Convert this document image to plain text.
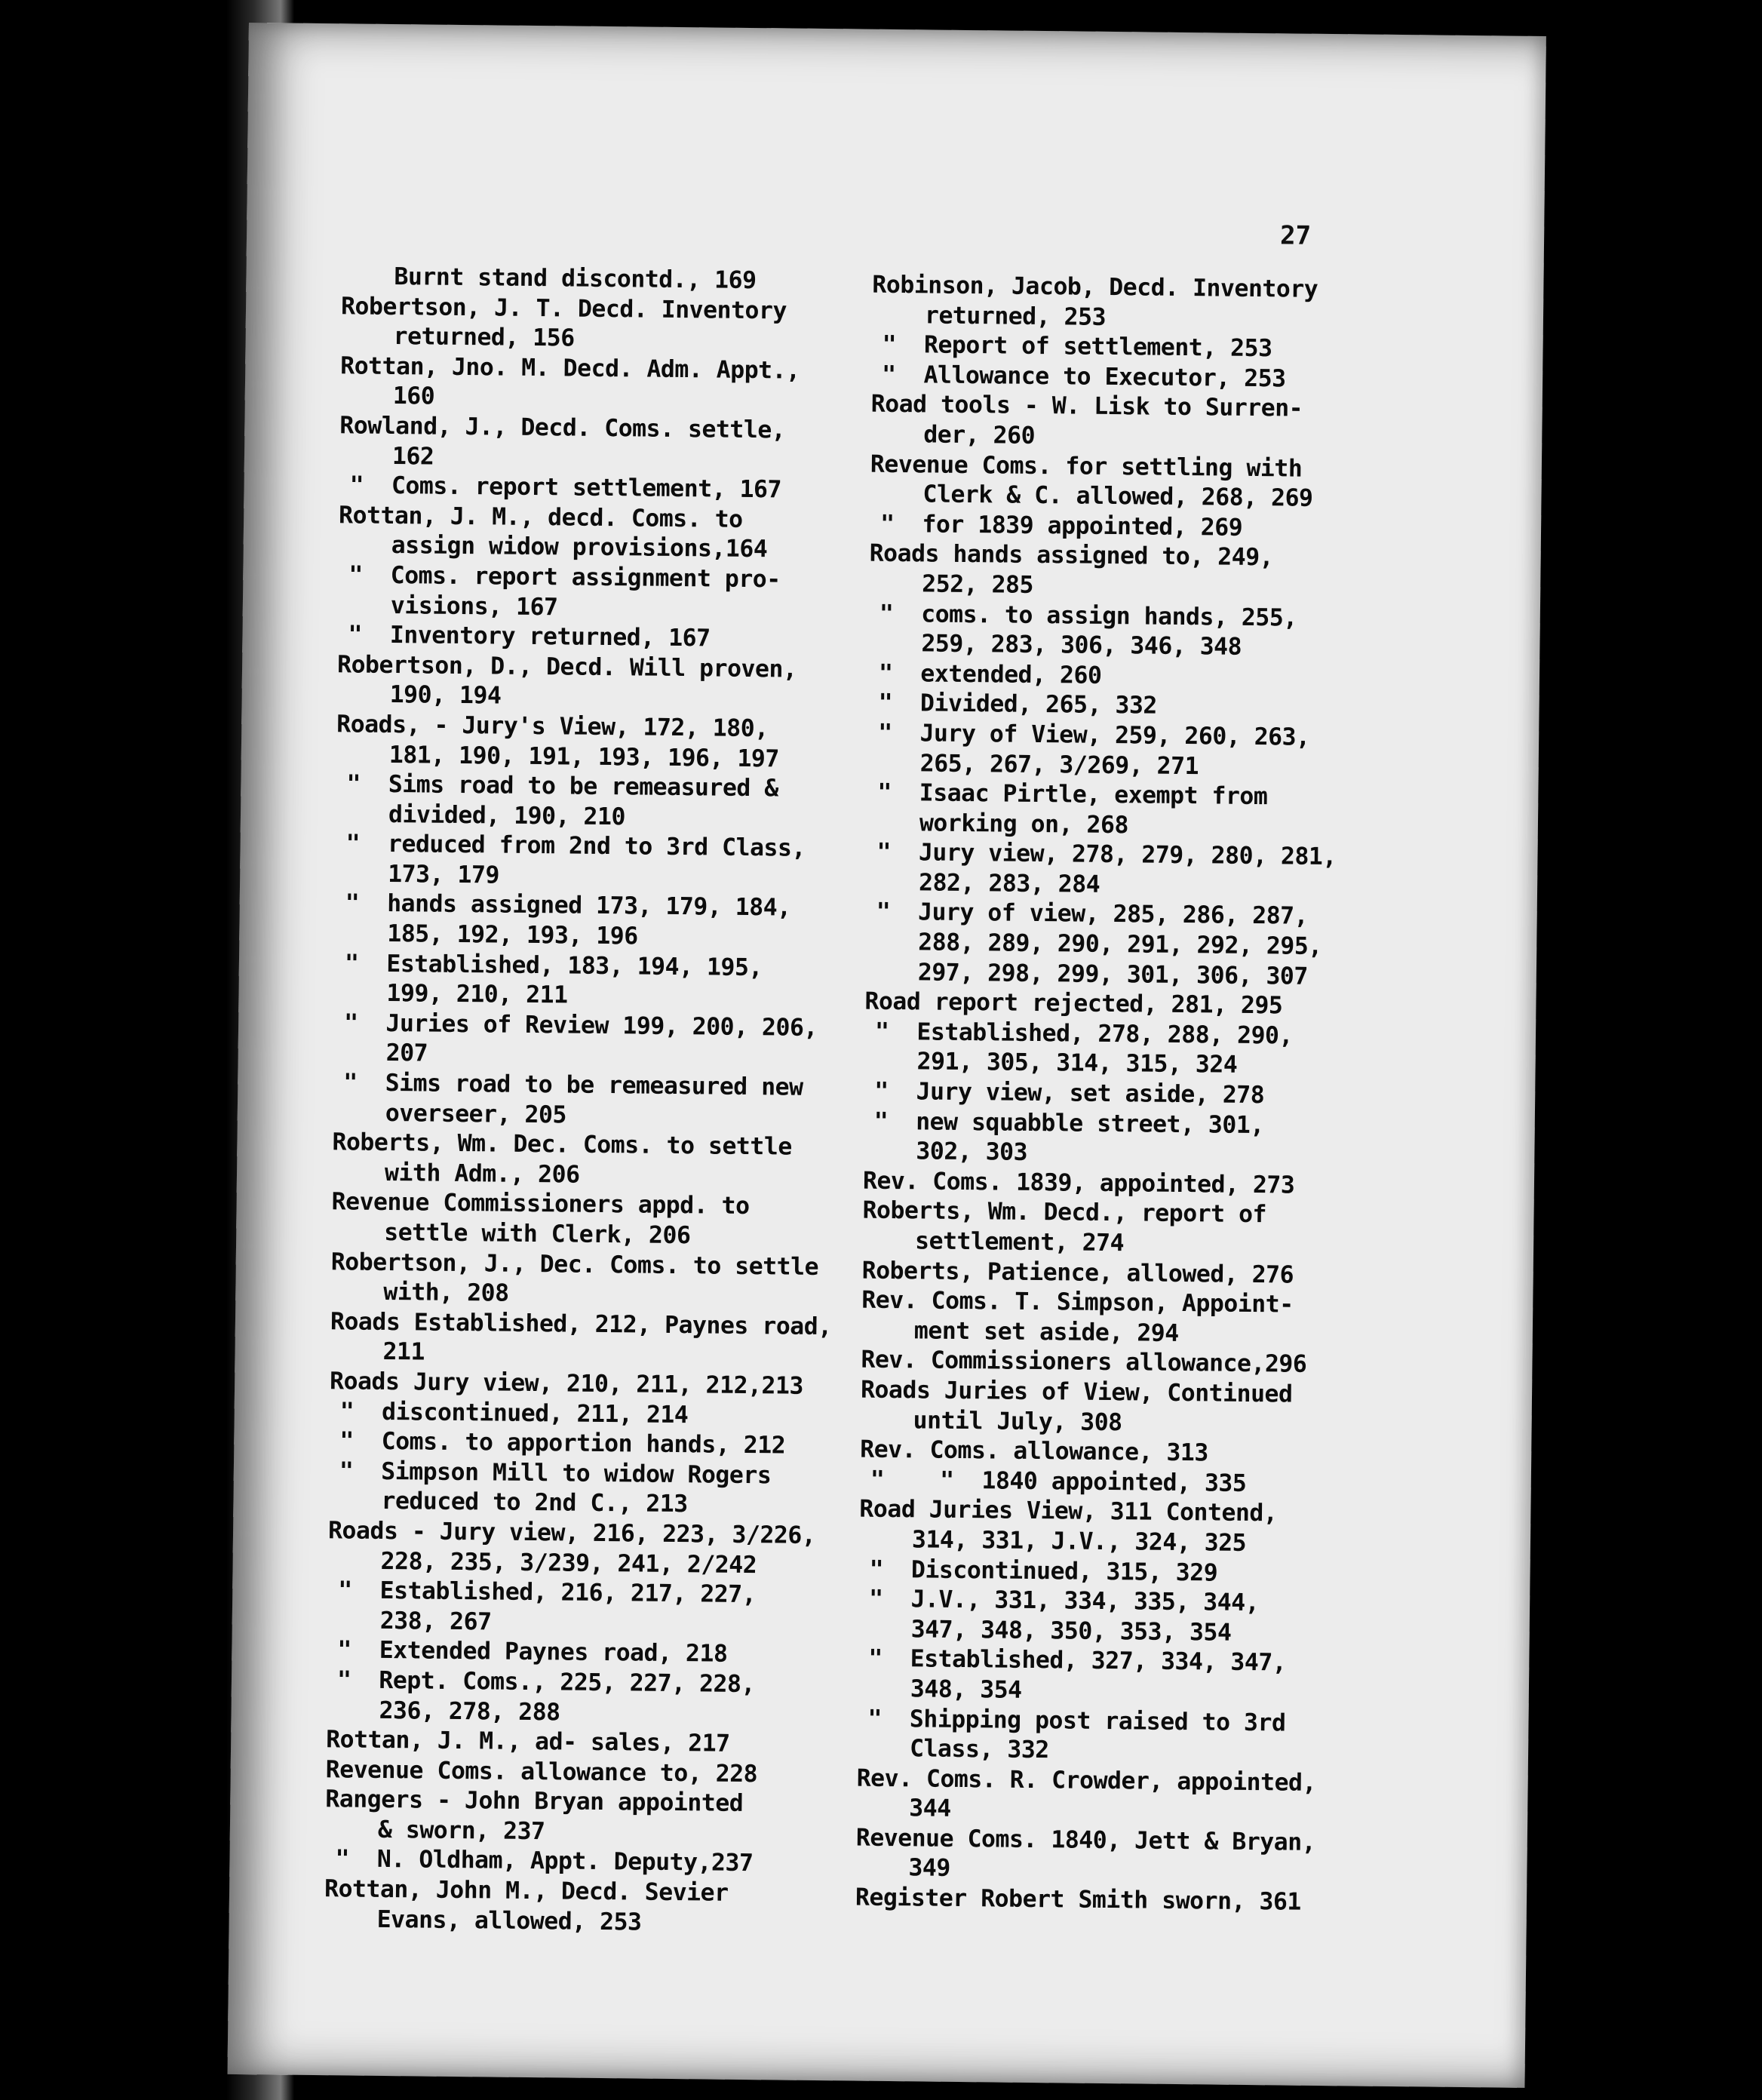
27
Burnt stand discontd., 169
Robertson, J. T. Decd. Inventory
returned, 156
Rottan, Jno. M. Decd. Adm. Appt.,
160
Rowland, J., Decd. Coms. settle,
162
"  Coms. report settlement, 167
Rottan, J. M., decd. Coms. to
assign widow provisions,164
"  Coms. report assignment pro-
visions, 167
"  Inventory returned, 167
Robertson, D., Decd. Will proven,
190, 194
Roads, - Jury's View, 172, 180,
181, 190, 191, 193, 196, 197
"  Sims road to be remeasured &
divided, 190, 210
"  reduced from 2nd to 3rd Class,
173, 179
"  hands assigned 173, 179, 184,
185, 192, 193, 196
"  Established, 183, 194, 195,
199, 210, 211
"  Juries of Review 199, 200, 206,
207
"  Sims road to be remeasured new
overseer, 205
Roberts, Wm. Dec. Coms. to settle
with Adm., 206
Revenue Commissioners appd. to
settle with Clerk, 206
Robertson, J., Dec. Coms. to settle
with, 208
Roads Established, 212, Paynes road,
211
Roads Jury view, 210, 211, 212,213
"  discontinued, 211, 214
"  Coms. to apportion hands, 212
"  Simpson Mill to widow Rogers
reduced to 2nd C., 213
Roads - Jury view, 216, 223, 3/226,
228, 235, 3/239, 241, 2/242
"  Established, 216, 217, 227,
238, 267
"  Extended Paynes road, 218
"  Rept. Coms., 225, 227, 228,
236, 278, 288
Rottan, J. M., ad- sales, 217
Revenue Coms. allowance to, 228
Rangers - John Bryan appointed
& sworn, 237
"  N. Oldham, Appt. Deputy,237
Rottan, John M., Decd. Sevier
Evans, allowed, 253
Robinson, Jacob, Decd. Inventory
returned, 253
"  Report of settlement, 253
"  Allowance to Executor, 253
Road tools - W. Lisk to Surren-
der, 260
Revenue Coms. for settling with
Clerk & C. allowed, 268, 269
"  for 1839 appointed, 269
Roads hands assigned to, 249,
252, 285
"  coms. to assign hands, 255,
259, 283, 306, 346, 348
"  extended, 260
"  Divided, 265, 332
"  Jury of View, 259, 260, 263,
265, 267, 3/269, 271
"  Isaac Pirtle, exempt from
working on, 268
"  Jury view, 278, 279, 280, 281,
282, 283, 284
"  Jury of view, 285, 286, 287,
288, 289, 290, 291, 292, 295,
297, 298, 299, 301, 306, 307
Road report rejected, 281, 295
"  Established, 278, 288, 290,
291, 305, 314, 315, 324
"  Jury view, set aside, 278
"  new squabble street, 301,
302, 303
Rev. Coms. 1839, appointed, 273
Roberts, Wm. Decd., report of
settlement, 274
Roberts, Patience, allowed, 276
Rev. Coms. T. Simpson, Appoint-
ment set aside, 294
Rev. Commissioners allowance,296
Roads Juries of View, Continued
until July, 308
Rev. Coms. allowance, 313
"    "  1840 appointed, 335
Road Juries View, 311 Contend,
314, 331, J.V., 324, 325
"  Discontinued, 315, 329
"  J.V., 331, 334, 335, 344,
347, 348, 350, 353, 354
"  Established, 327, 334, 347,
348, 354
"  Shipping post raised to 3rd
Class, 332
Rev. Coms. R. Crowder, appointed,
344
Revenue Coms. 1840, Jett & Bryan,
349
Register Robert Smith sworn, 361
